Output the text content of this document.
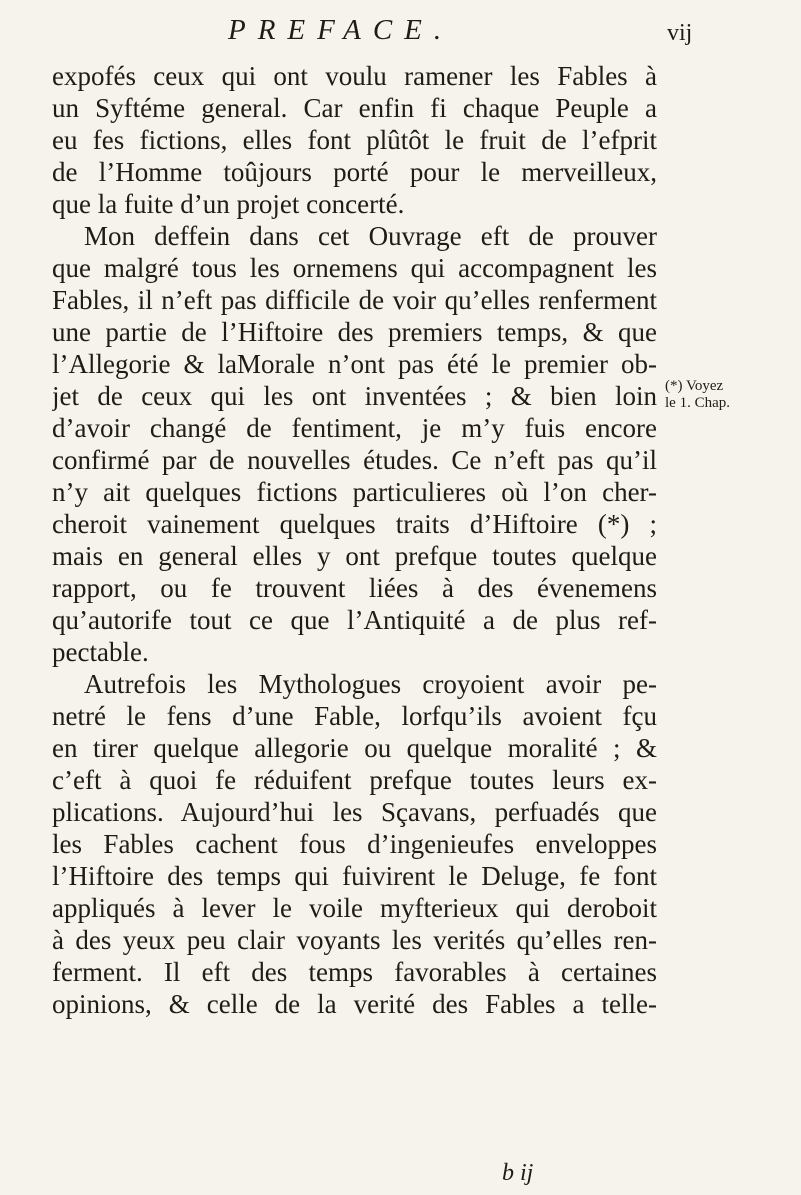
PREFACE.	vij
expofés ceux qui ont voulu ramener les Fables à
un Syftéme general. Car enfin fi chaque Peuple a
eu fes fictions, elles font plûtôt le fruit de l’efprit
de l’Homme toûjours porté pour le merveilleux,
que la fuite d’un projet concerté.
Mon deffein dans cet Ouvrage eft de prouver
que malgré tous les ornemens qui accompagnent les
Fables, il n’eft pas difficile de voir qu’elles renferment
une partie de l’Hiftoire des premiers temps, & que
l’Allegorie & laMorale n’ont pas été le premier ob-
jet de ceux qui les ont inventées ; & bien loin
d’avoir changé de fentiment, je m’y fuis encore
confirmé par de nouvelles études. Ce n’eft pas qu’il
n’y ait quelques fictions particulieres où l’on cher-
cheroit vainement quelques traits d’Hiftoire (*) ;
mais en general elles y ont prefque toutes quelque
rapport, ou fe trouvent liées à des évenemens
qu’autorife tout ce que l’Antiquité a de plus ref-
pectable.
Autrefois les Mythologues croyoient avoir pe-
netré le fens d’une Fable, lorfqu’ils avoient fçu
en tirer quelque allegorie ou quelque moralité ; &
c’eft à quoi fe réduifent prefque toutes leurs ex-
plications. Aujourd’hui les Sçavans, perfuadés que
les Fables cachent fous d’ingenieufes enveloppes
l’Hiftoire des temps qui fuivirent le Deluge, fe font
appliqués à lever le voile myfterieux qui deroboit
à des yeux peu clair voyants les verités qu’elles ren-
ferment. Il eft des temps favorables à certaines
opinions, & celle de la verité des Fables a telle-
(*) Voyez
le 1. Chap.
b ij
